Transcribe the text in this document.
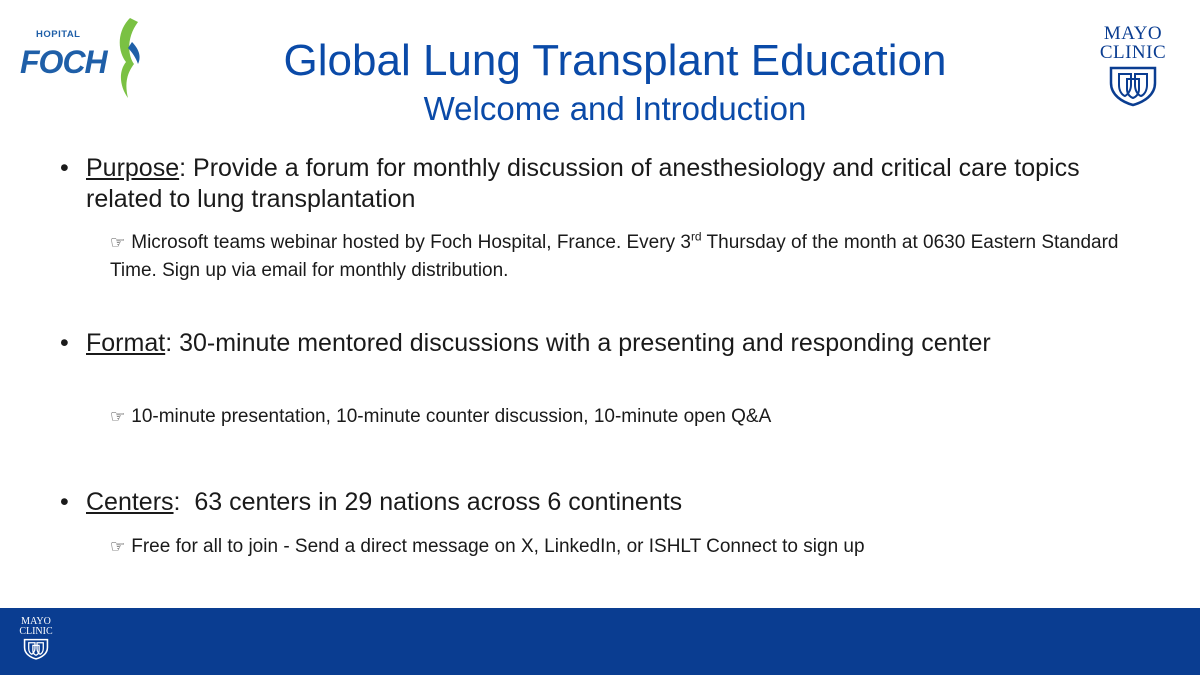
HOPITAL
FOCH
MAYO
CLINIC
Global Lung Transplant Education
Welcome and Introduction
• Purpose: Provide a forum for monthly discussion of anesthesiology and critical care topics related to lung transplantation
☞ Microsoft teams webinar hosted by Foch Hospital, France. Every 3rd Thursday of the month at 0630 Eastern Standard Time. Sign up via email for monthly distribution.
• Format: 30-minute mentored discussions with a presenting and responding center
☞ 10-minute presentation, 10-minute counter discussion, 10-minute open Q&A
• Centers:  63 centers in 29 nations across 6 continents
☞ Free for all to join - Send a direct message on X, LinkedIn, or ISHLT Connect to sign up
MAYO
CLINIC
